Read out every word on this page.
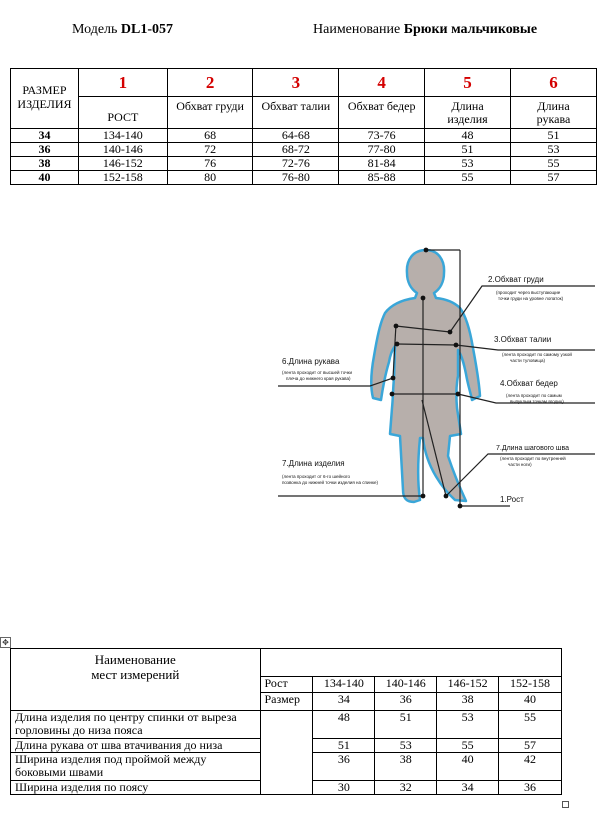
Модель DL1-057	Наименование Брюки мальчиковые
РАЗМЕР ИЗДЕЛИЯ	1	2	3	4	5	6
	РОСТ	Обхват груди	Обхват талии	Обхват бедер	Длина изделия	Длина рукава
34	134-140	68	64-68	73-76	48	51
36	140-146	72	68-72	77-80	51	53
38	146-152	76	72-76	81-84	53	55
40	152-158	80	76-80	85-88	55	57
2.Обхват груди
(проходит через выступающие
точки груди на уровне лопаток)
3.Обхват талии
(лента проходит по самому узкой
части туловища)
4.Обхват бедер
(лента проходит по самым
выпуклым точкам ягодиц)
7.Длина шагового шва
(лента проходит по внутренней
части ноги)
1.Рост
6.Длина рукава
(лента проходит от высшей точки
плеча до нижнего края рукава)
7.Длина изделия
(лента проходит от 6-го шейного
позвонка до нижней точки изделия на спинке)
✥
Наименование
мест измерений					

	Рост	134-140	140-146	146-152	152-158
	Размер	34	36	38	40
Длина изделия по центру спинки от выреза горловины до низа пояса		48	51	53	55
Длина рукава от шва втачивания до низа		51	53	55	57
Ширина изделия под проймой между боковыми швами		36	38	40	42
Ширина изделия по поясу		30	32	34	36
